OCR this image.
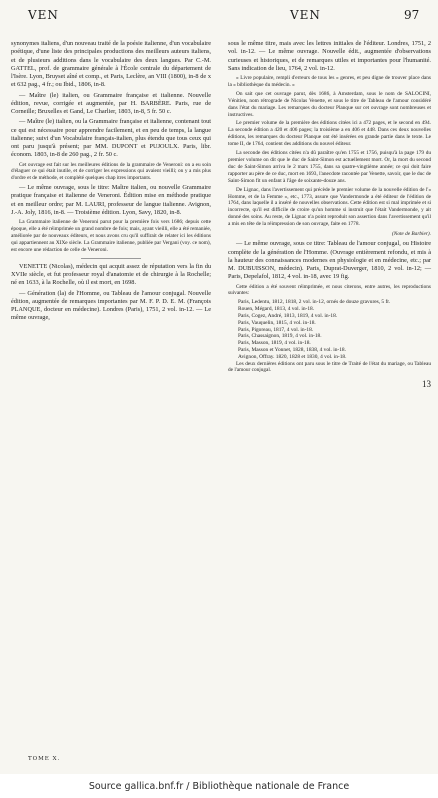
VEN	VEN	97

synonymes italiens, d'un nouveau traité de la poésie italienne, d'un vocabulaire poétique, d'une liste des principales productions des meilleurs auteurs italiens, et de plusieurs additions dans le vocabulaire des deux langues. Par C.-M. GATTEL, prof. de grammaire générale à l'École centrale du département de l'Isère. Lyon, Bruyset aîné et comp., et Paris, Leclère, an VIII (1800), in-8 de x et 632 pag., 4 fr.; ou Ibid., 1806, in-8.

— Maître (le) italien, ou Grammaire française et italienne. Nouvelle édition, revue, corrigée et augmentée, par H. BARBÈRE. Paris, rue de Corneille; Bruxelles et Gand, Le Charlier, 1803, in-8, 5 fr. 50 c.

— Maître (le) italien, ou la Grammaire française et italienne, contenant tout ce qui est nécessaire pour apprendre facilement, et en peu de temps, la langue italienne; suivi d'un Vocabulaire français-italien, plus étendu que tous ceux qui ont paru jusqu'à présent; par MM. DUPONT et PUJOULX. Paris, libr. économ. 1803, in-8 de 260 pag., 2 fr. 50 c.

Cet ouvrage est fait sur les meilleures éditions de la grammaire de Veneroni: on a eu soin d'élaguer ce qui était inutile, et de corriger les expressions qui avaient vieilli; on y a mis plus d'ordre et de méthode, et complété quelques chap itres importants.

— Le même ouvrage, sous le titre: Maître italien, ou nouvelle Grammaire pratique française et italienne de Veneroni. Édition mise en méthode pratique et en meilleur ordre; par M. LAURI, professeur de langue italienne. Avignon, J.-A. Joly, 1816, in-8. — Troisième édition. Lyon, Savy, 1820, in-8.

La Grammaire italienne de Veneroni parut pour la première fois vers 1686; depuis cette époque, elle a été réimprimée un grand nombre de fois; mais, ayant vieilli, elle a été remaniée, améliorée par de nouveaux éditeurs, et nous avons cru qu'il suffirait de relater ici les éditions qui appartiennent au XIXe siècle. La Grammaire italienne, publiée par Vergani (voy. ce nom), est encore une rédaction de celle de Veneroni.

VENETTE (Nicolas), médecin qui acquit assez de réputation vers la fin du XVIIe siècle, et fut professeur royal d'anatomie et de chirurgie à la Rochelle; né en 1633, à la Rochelle, où il est mort, en 1698.

— Génération (la) de l'Homme, ou Tableau de l'amour conjugal. Nouvelle édition, augmentée de remarques importantes par M. F. P. D. E. M. (François PLANQUE, docteur en médecine). Londres (Paris), 1751, 2 vol. in-12. — Le même ouvrage,

sous le même titre, mais avec les lettres initiales de l'éditeur. Londres, 1751, 2 vol. in-12. — Le même ouvrage. Nouvelle édit., augmentée d'observations curieuses et historiques, et de remarques utiles et importantes pour l'humanité. Sans indication de lieu, 1764, 2 vol. in-12.

« Livre populaire, rempli d'erreurs de tous les « genres, et peu digne de trouver place dans la « bibliothèque du médecin. »

On sait que cet ouvrage parut, dès 1686, à Amsterdam, sous le nom de SALOCINI, Vénitien, nom rétrograde de Nicolas Venette, et sous le titre de Tableau de l'amour considéré dans l'état du mariage. Les remarques du docteur Planque sur cet ouvrage sont nombreuses et instructives.

Le premier volume de la première des éditions citées ici a 472 pages, et le second en 494. La seconde édition a 420 et 406 pages; la troisième a en 406 et 448. Dans ces deux nouvelles éditions, les remarques du docteur Planque ont été insérées en grande partie dans le texte. Le tome II, de 1764, contient des additions du nouvel éditeur.

La seconde des éditions citées n'a dû paraître qu'en 1755 et 1756, puisqu'à la page 179 du premier volume on dit que le duc de Saint-Simon est actuellement mort. Or, la mort du second duc de Saint-Simon arriva le 2 mars 1755, dans sa quatre-vingtième année; ce qui doit faire rapporter au père de ce duc, mort en 1693, l'anecdote racontée par Venette, savoir, que le duc de Saint-Simon fit un enfant à l'âge de soixante-douze ans.

De Lignac, dans l'avertissement qui précède le premier volume de la nouvelle édition de l'« Homme, et de la Femme », etc., 1773, assure que Vandermonde a été éditeur de l'édition de 1764, dans laquelle il a inséré de nouvelles observations. Cette édition est si mal imprimée et si incorrecte, qu'il est difficile de croire qu'un homme si instruit que l'était Vandermonde, y ait donné des soins. Au reste, de Lignac n'a point reproduit son assertion dans l'avertissement qu'il a mis en tête de la réimpression de son ouvrage, faite en 1778.

(Note de Barbier).

— Le même ouvrage, sous ce titre: Tableau de l'amour conjugal, ou Histoire complète de la génération de l'Homme. (Ouvrage entièrement refondu, et mis à la hauteur des connaissances modernes en physiologie et en médecine, etc.; par M. DUBUISSON, médecin). Paris, Duprat-Duverger, 1810, 2 vol. in-12; — Paris, Depelafol, 1812, 4 vol. in-18, avec 19 fig.

Cette édition a été souvent réimprimée, et nous citerons, entre autres, les reproductions suivantes:

Paris, Ledentu, 1812, 1818, 2 vol. in-12, ornés de douze gravures, 5 fr.

Rouen, Mégard, 1813, 4 vol. in-18.

Paris, Cogez, André, 1813, 1819, 4 vol. in-18.

Paris, Vauquelin, 1815, 4 vol. in-18.

Paris, Pigoreau, 1817, 4 vol. in-18.

Paris, Chassaignon, 1819, 4 vol. in-18.

Paris, Masson, 1819, 4 vol. in-18.

Paris, Masson et Yonnet, 1828, 1838, 4 vol. in-18.

Avignon, Offray. 1820, 1828 et 1830, 4 vol. in-18.

Les deux dernières éditions ont paru sous le titre de Traité de l'état du mariage, ou Tableau de l'amour conjugal.

13

TOME X.
Source gallica.bnf.fr / Bibliothèque nationale de France
